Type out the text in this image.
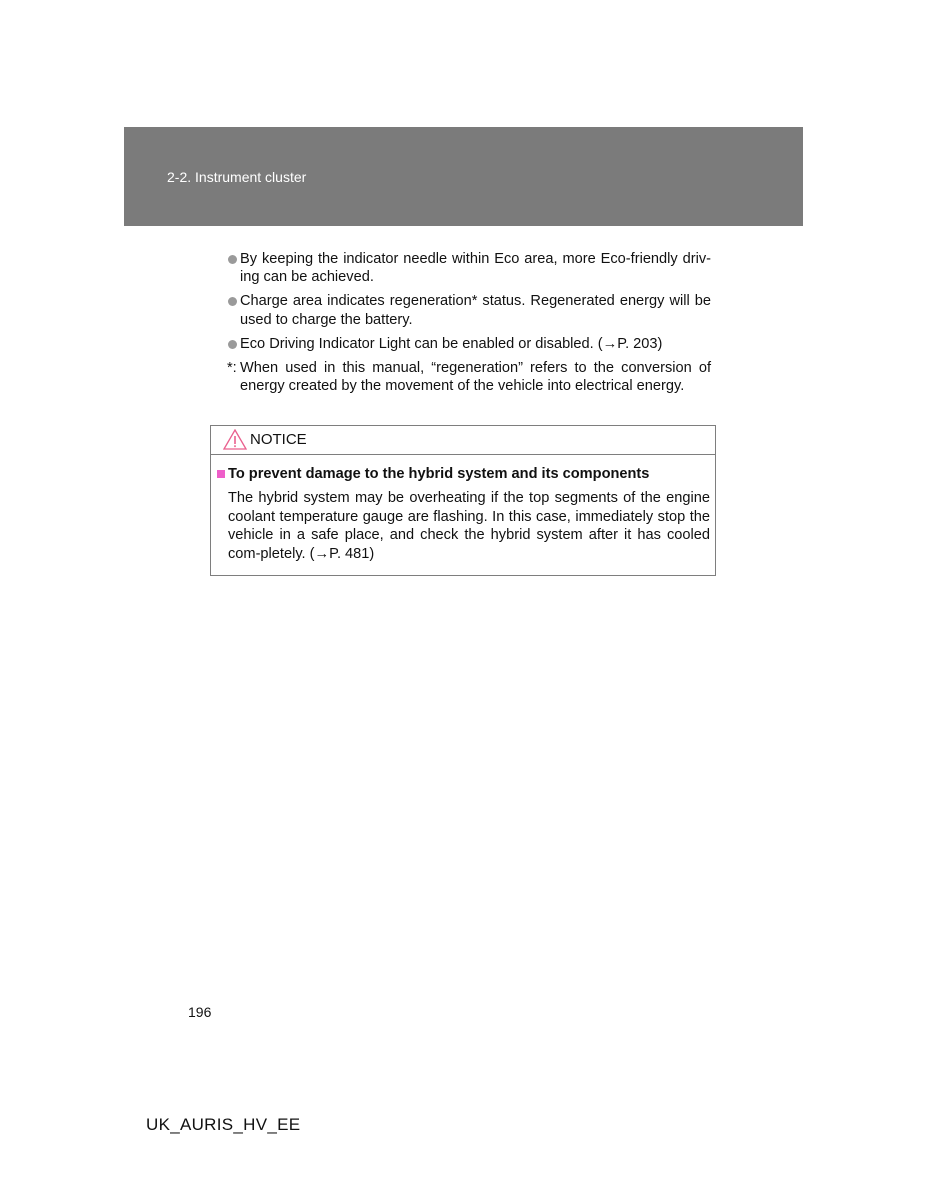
2-2. Instrument cluster
By keeping the indicator needle within Eco area, more Eco-friendly driv-ing can be achieved.
Charge area indicates regeneration* status. Regenerated energy will be used to charge the battery.
Eco Driving Indicator Light can be enabled or disabled. (→P. 203)
*: When used in this manual, “regeneration” refers to the conversion of energy created by the movement of the vehicle into electrical energy.
NOTICE
To prevent damage to the hybrid system and its components
The hybrid system may be overheating if the top segments of the engine coolant temperature gauge are flashing. In this case, immediately stop the vehicle in a safe place, and check the hybrid system after it has cooled com-pletely. (→P. 481)
196
UK_AURIS_HV_EE
